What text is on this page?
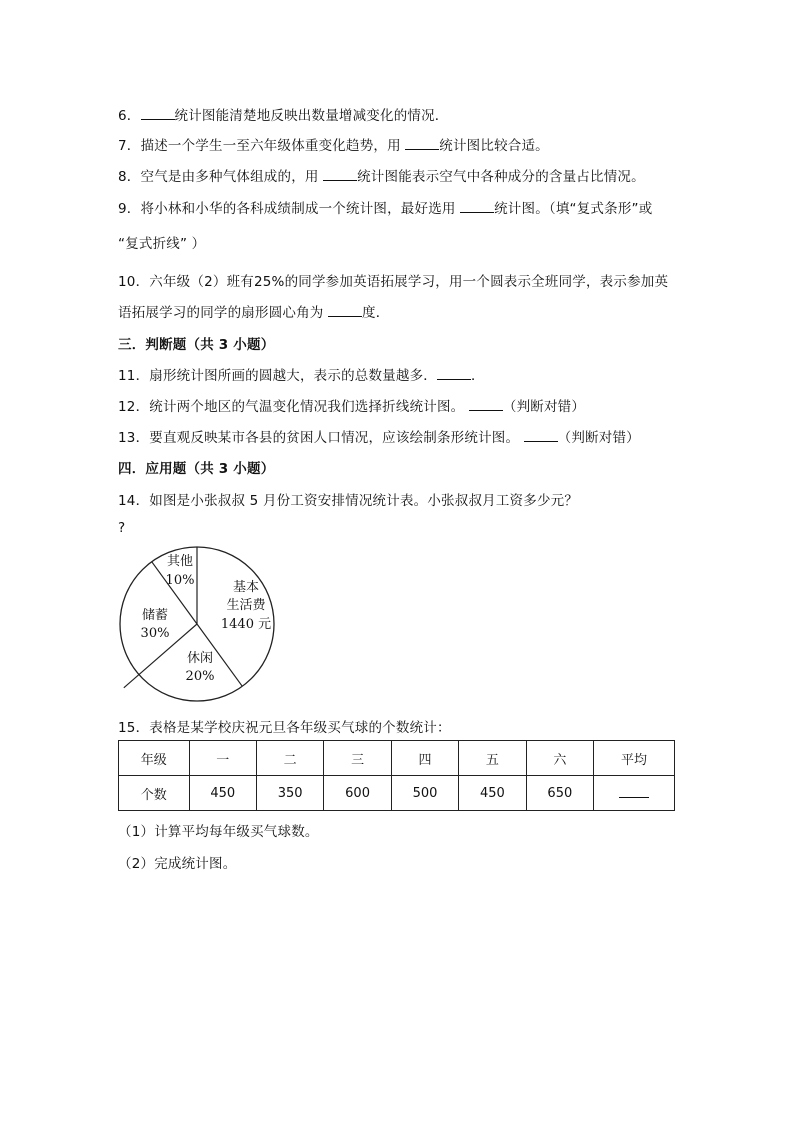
6．	统计图能清楚地反映出数量增减变化的情况．
7．描述一个学生一至六年级体重变化趋势，用	统计图比较合适。
8．空气是由多种气体组成的，用	统计图能表示空气中各种成分的含量占比情况。
9．将小林和小华的各科成绩制成一个统计图，最好选用	统计图。（填“复式条形”或
“复式折线” ）
10．六年级（2）班有25%的同学参加英语拓展学习，用一个圆表示全班同学，表示参加英
语拓展学习的同学的扇形圆心角为	度．
三．判断题（共 3 小题）
11．扇形统计图所画的圆越大，表示的总数量越多．	．
12．统计两个地区的气温变化情况我们选择折线统计图。	（判断对错）
13．要直观反映某市各县的贫困人口情况，应该绘制条形统计图。	（判断对错）
四．应用题（共 3 小题）
14．如图是小张叔叔 5 月份工资安排情况统计表。小张叔叔月工资多少元？
?
其他
10%	基本
生活费
1440 元
储蓄
30%
休闲
20%
15．表格是某学校庆祝元旦各年级买气球的个数统计：
年级	一	二	三	四	五	六	平均
个数	450	350	600	500	450	650	
（1）计算平均每年级买气球数。
（2）完成统计图。
